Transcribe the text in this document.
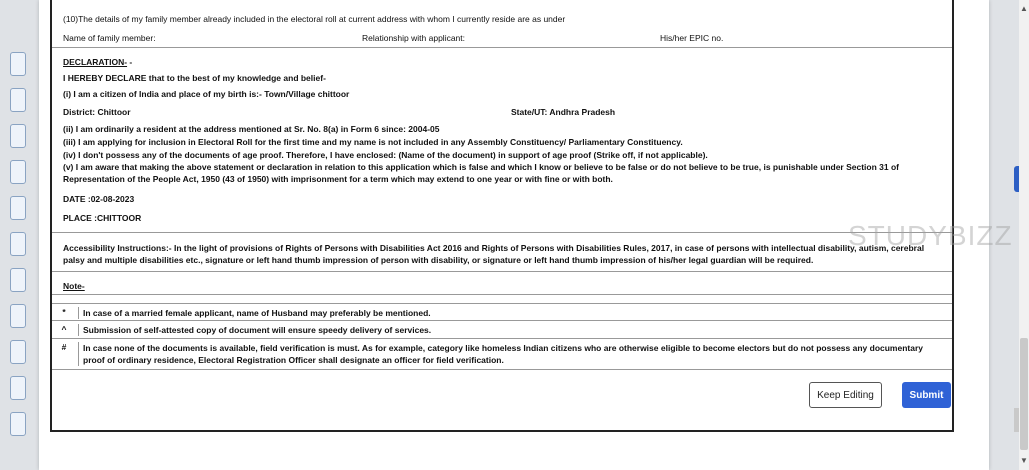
(10)The details of my family member already included in the electoral roll at current address with whom I currently reside are as under
Name of family member:	Relationship with applicant:	His/her EPIC no.
DECLARATION- -
I HEREBY DECLARE that to the best of my knowledge and belief-
(i) I am a citizen of India and place of my birth is:- Town/Village chittoor
District: Chittoor	State/UT: Andhra Pradesh
(ii) I am ordinarily a resident at the address mentioned at Sr. No. 8(a) in Form 6 since: 2004-05
(iii) I am applying for inclusion in Electoral Roll for the first time and my name is not included in any Assembly Constituency/ Parliamentary Constituency.
(iv) I don't possess any of the documents of age proof. Therefore, I have enclosed: (Name of the document) in support of age proof (Strike off, if not applicable).
(v) I am aware that making the above statement or declaration in relation to this application which is false and which I know or believe to be false or do not believe to be true, is punishable under Section 31 of Representation of the People Act, 1950 (43 of 1950) with imprisonment for a term which may extend to one year or with fine or with both.
DATE :02-08-2023
PLACE :CHITTOOR
Accessibility Instructions:- In the light of provisions of Rights of Persons with Disabilities Act 2016 and Rights of Persons with Disabilities Rules, 2017, in case of persons with intellectual disability, autism, cerebral palsy and multiple disabilities etc., signature or left hand thumb impression of person with disability, or signature or left hand thumb impression of his/her legal guardian will be required.
Note-
*	In case of a married female applicant, name of Husband may preferably be mentioned.
^	Submission of self-attested copy of document will ensure speedy delivery of services.
#	In case none of the documents is available, field verification is must. As for example, category like homeless Indian citizens who are otherwise eligible to become electors but do not possess any documentary proof of ordinary residence, Electoral Registration Officer shall designate an officer for field verification.
Keep Editing	Submit
▲
▼
STUDYBIZZ
